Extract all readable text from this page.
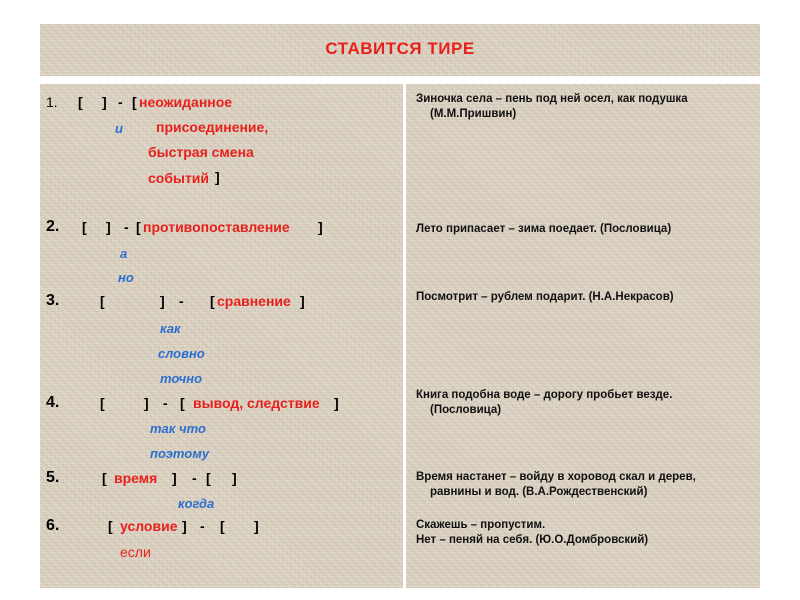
СТАВИТСЯ ТИРЕ
1. [ ] - [ неожиданное
и присоединение,
быстрая смена
событий ]
2. [ ] - [ противопоставление ]
а
но
3.	[	] - [ сравнение ]
как
словно
точно
4.	[	] - [ вывод, следствие ]
так что
поэтому
5.	[ время ] - [ ]
когда
6.	[ условие ] - [ ]
если
Зиночка села – пень под ней осел, как подушка
(М.М.Пришвин)
Лето припасает – зима поедает. (Пословица)
Посмотрит – рублем подарит. (Н.А.Некрасов)
Книга подобна воде – дорогу пробьет везде.
(Пословица)
Время настанет – войду в хоровод скал и дерев,
равнины и вод. (В.А.Рождественский)
Скажешь – пропустим.
Нет – пеняй на себя. (Ю.О.Домбровский)
